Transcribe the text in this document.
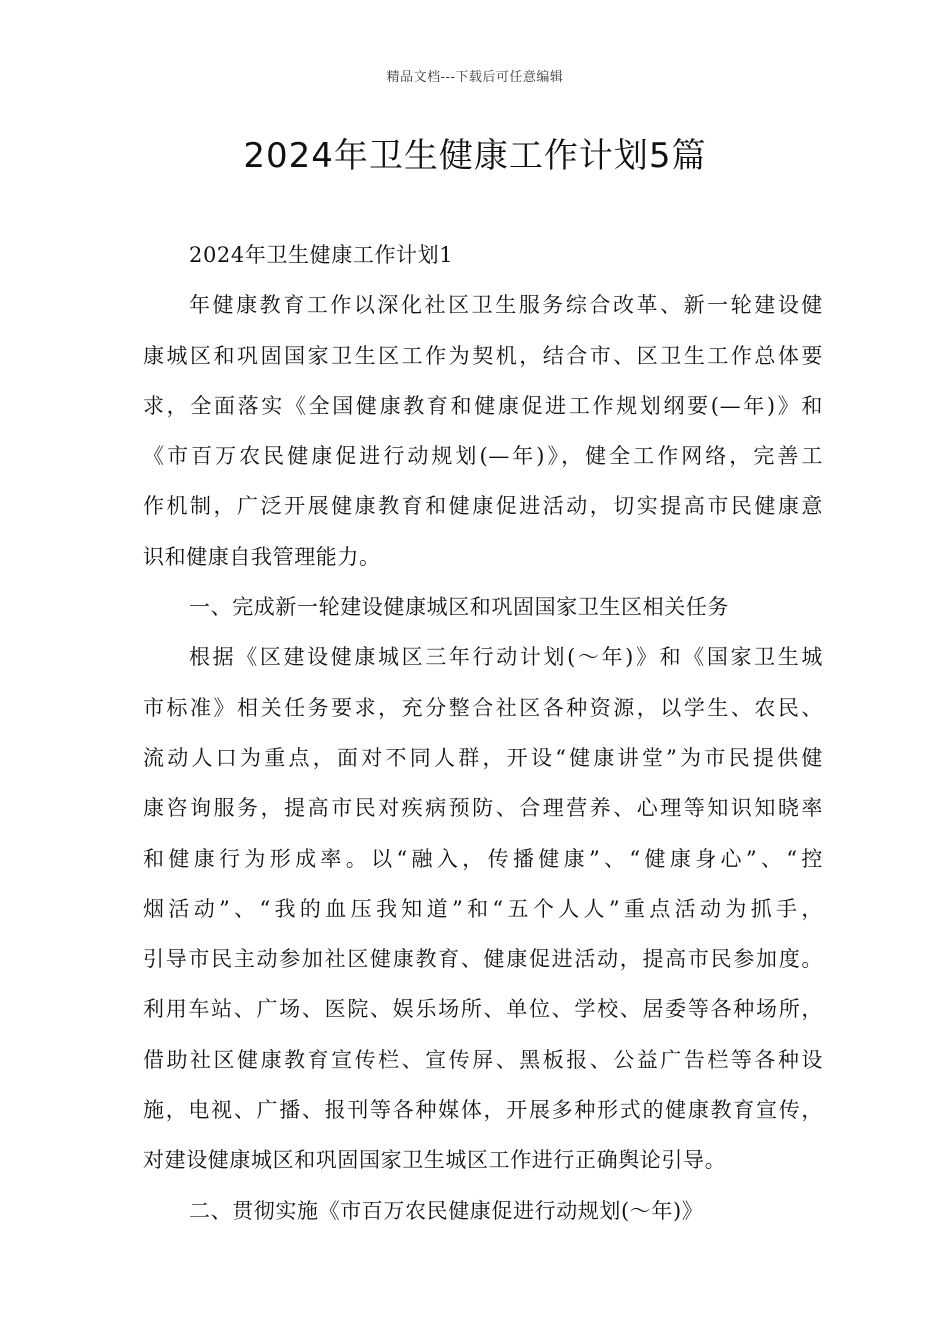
精品文档---下载后可任意编辑
2024年卫生健康工作计划5篇
2024年卫生健康工作计划1
年健康教育工作以深化社区卫生服务综合改革、新一轮建设健
康城区和巩固国家卫生区工作为契机，结合市、区卫生工作总体要
求，全面落实《全国健康教育和健康促进工作规划纲要(—年)》和
《市百万农民健康促进行动规划(—年)》，健全工作网络，完善工
作机制，广泛开展健康教育和健康促进活动，切实提高市民健康意
识和健康自我管理能力。
一、完成新一轮建设健康城区和巩固国家卫生区相关任务
根据《区建设健康城区三年行动计划(～年)》和《国家卫生城
市标准》相关任务要求，充分整合社区各种资源，以学生、农民、
流动人口为重点，面对不同人群，开设“健康讲堂”为市民提供健
康咨询服务，提高市民对疾病预防、合理营养、心理等知识知晓率
和健康行为形成率。以“融入，传播健康”、“健康身心”、“控
烟活动”、“我的血压我知道”和“五个人人”重点活动为抓手，
引导市民主动参加社区健康教育、健康促进活动，提高市民参加度。
利用车站、广场、医院、娱乐场所、单位、学校、居委等各种场所，
借助社区健康教育宣传栏、宣传屏、黑板报、公益广告栏等各种设
施，电视、广播、报刊等各种媒体，开展多种形式的健康教育宣传，
对建设健康城区和巩固国家卫生城区工作进行正确舆论引导。
二、贯彻实施《市百万农民健康促进行动规划(～年)》
